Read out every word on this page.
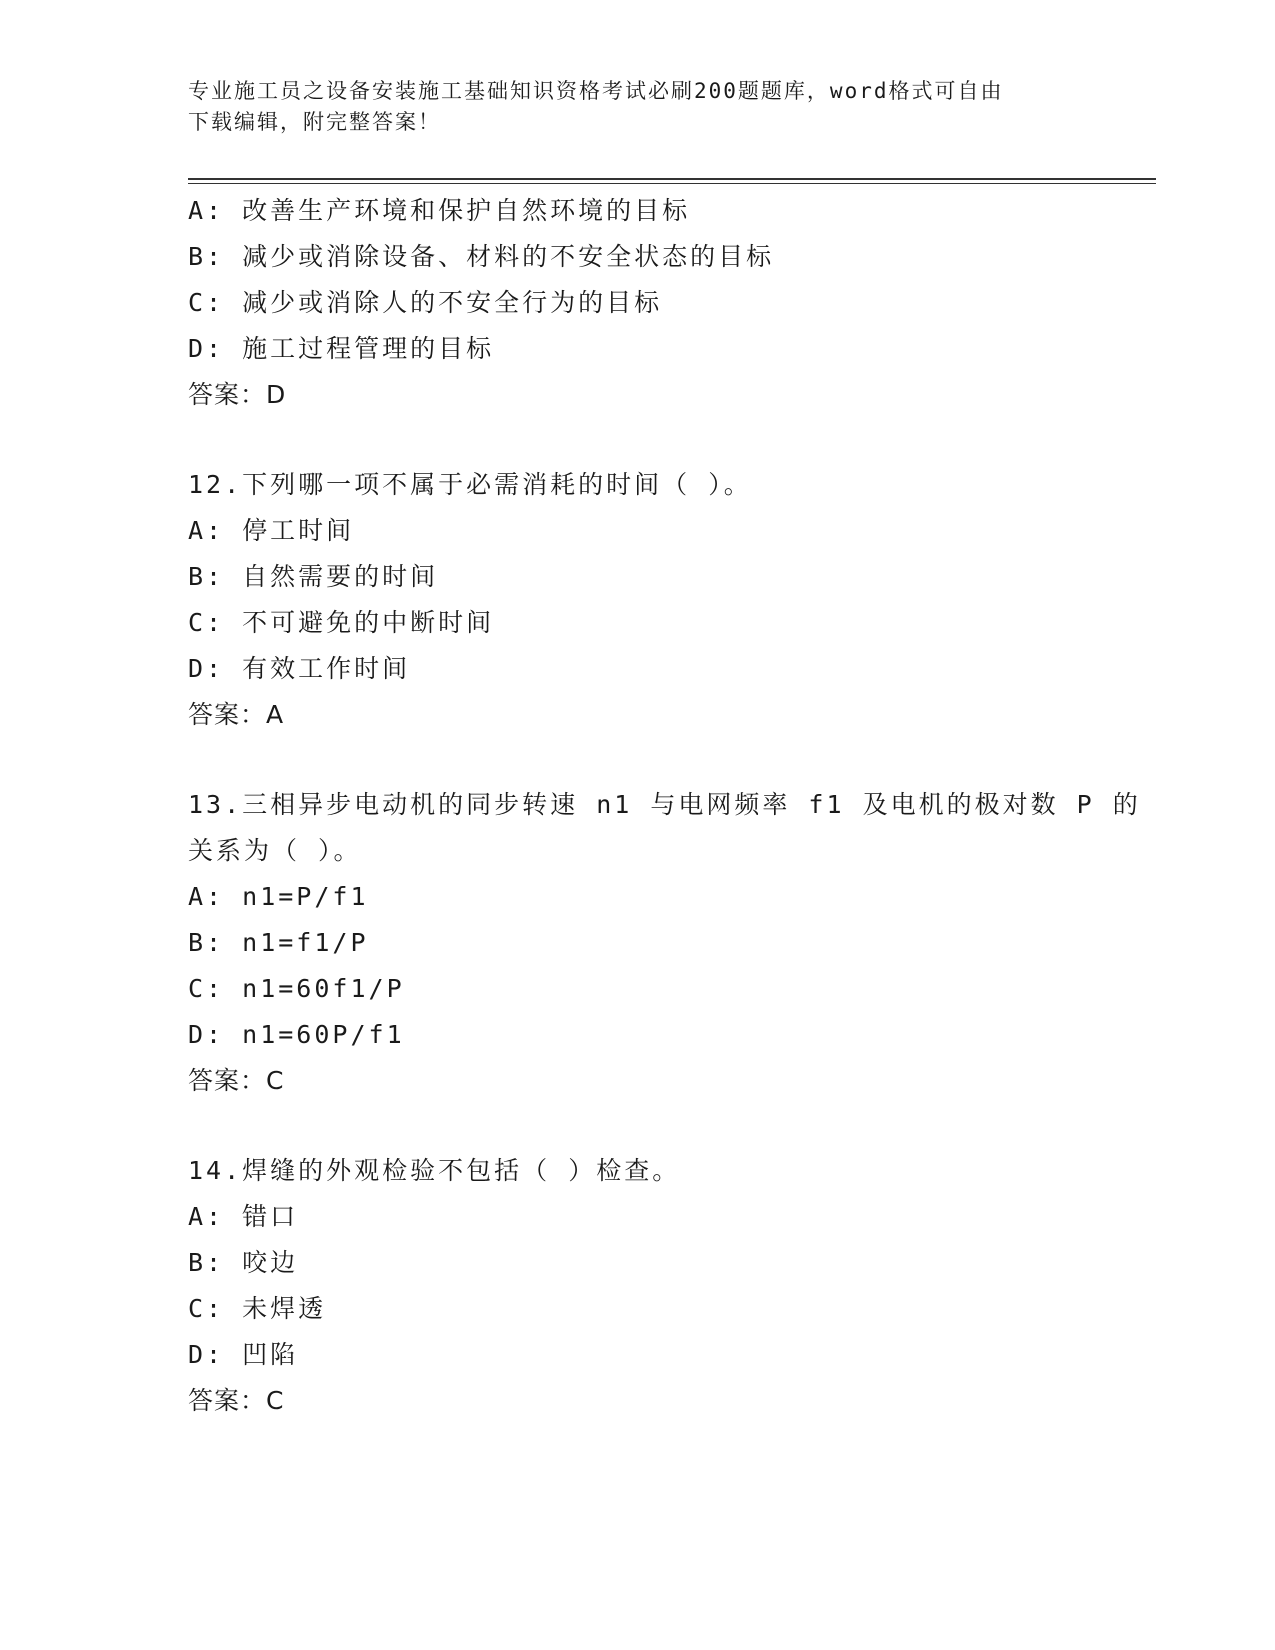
专业施工员之设备安装施工基础知识资格考试必刷200题题库，word格式可自由
下载编辑，附完整答案！
A: 改善生产环境和保护自然环境的目标
B: 减少或消除设备、材料的不安全状态的目标
C: 减少或消除人的不安全行为的目标
D: 施工过程管理的目标
答案：D
12.下列哪一项不属于必需消耗的时间（ ）。
A: 停工时间
B: 自然需要的时间
C: 不可避免的中断时间
D: 有效工作时间
答案：A
13.三相异步电动机的同步转速 n1 与电网频率 f1 及电机的极对数 P 的
关系为（ ）。
A: n1=P/f1
B: n1=f1/P
C: n1=60f1/P
D: n1=60P/f1
答案：C
14.焊缝的外观检验不包括（ ）检查。
A: 错口
B: 咬边
C: 未焊透
D: 凹陷
答案：C
